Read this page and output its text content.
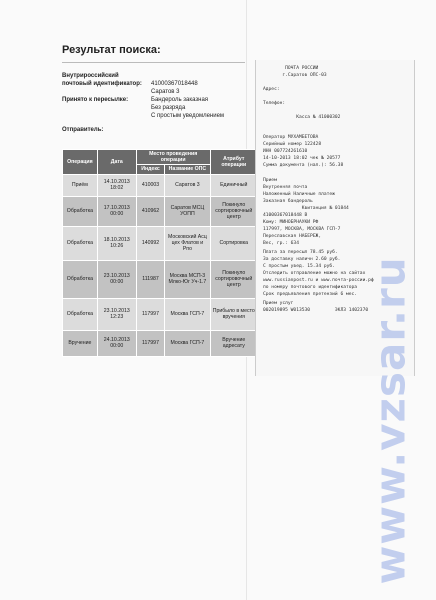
Результат поиска:
Внутрироссийский
почтовый идентификатор: 41000367018448
Принято к пересылке:
Саратов 3
Бандероль заказная
Без разряда
С простым уведомлением
Отправитель:
Операция	Дата	Место проведения операции		Атрибут операции
		Индекс	Название ОПС	
Приём	14.10.2013 18:02	410003	Саратов 3	Единичный
Обработка	17.10.2013 00:00	410962	Саратов МСЦ УОПП	Покинуло сортировочный центр
Обработка	18.10.2013 10:26	140992	Московский Асц цех Флатов и Рпо	Сортировка
Обработка	23.10.2013 00:00	111987	Москва МСП-3 Млко-Юг Уч-1.7	Покинуло сортировочный центр
Обработка	23.10.2013 12:23	117997	Москва ГСП-7	Прибыло в место вручения
Вручение	24.10.2013 00:00	117997	Москва ГСП-7	Вручение адресату
ПОЧТА РОССИИ
г.Саратов ОПС-03
Адрес:
Телефон:
Касса № 41000302
Оператор МУХАМБЕТОВА
Серийный номер 122428
ИНН 007724261610
14-10-2013 18:02 чек № 20577
Сумма документа (нал.): 56.38
Прием
Внутренняя почта
Наложенный Наличные платеж
Заказная бандероль
Квитанция № 01844
41000367018448 В
Кому: МИНОБРНАУКИ РФ
117997, МОСКВА, МОСКВА ГСП-7
Переславская НАБЕРЕЖ,
Вес, гр.: 634
Плата за пересыл 78.45 руб.
За доставку наличн 2.60 руб.
С простым увед. 15.34 руб.
Отследить отправление можно на сайтах
www.russianpost.ru и www.почта-россии.рф
по номеру почтового идентификатора
Срок предъявления претензий 6 мес.
Прием услуг
002019895 W013530         ЭКЛЗ 1402370
www.vzsar.ru
